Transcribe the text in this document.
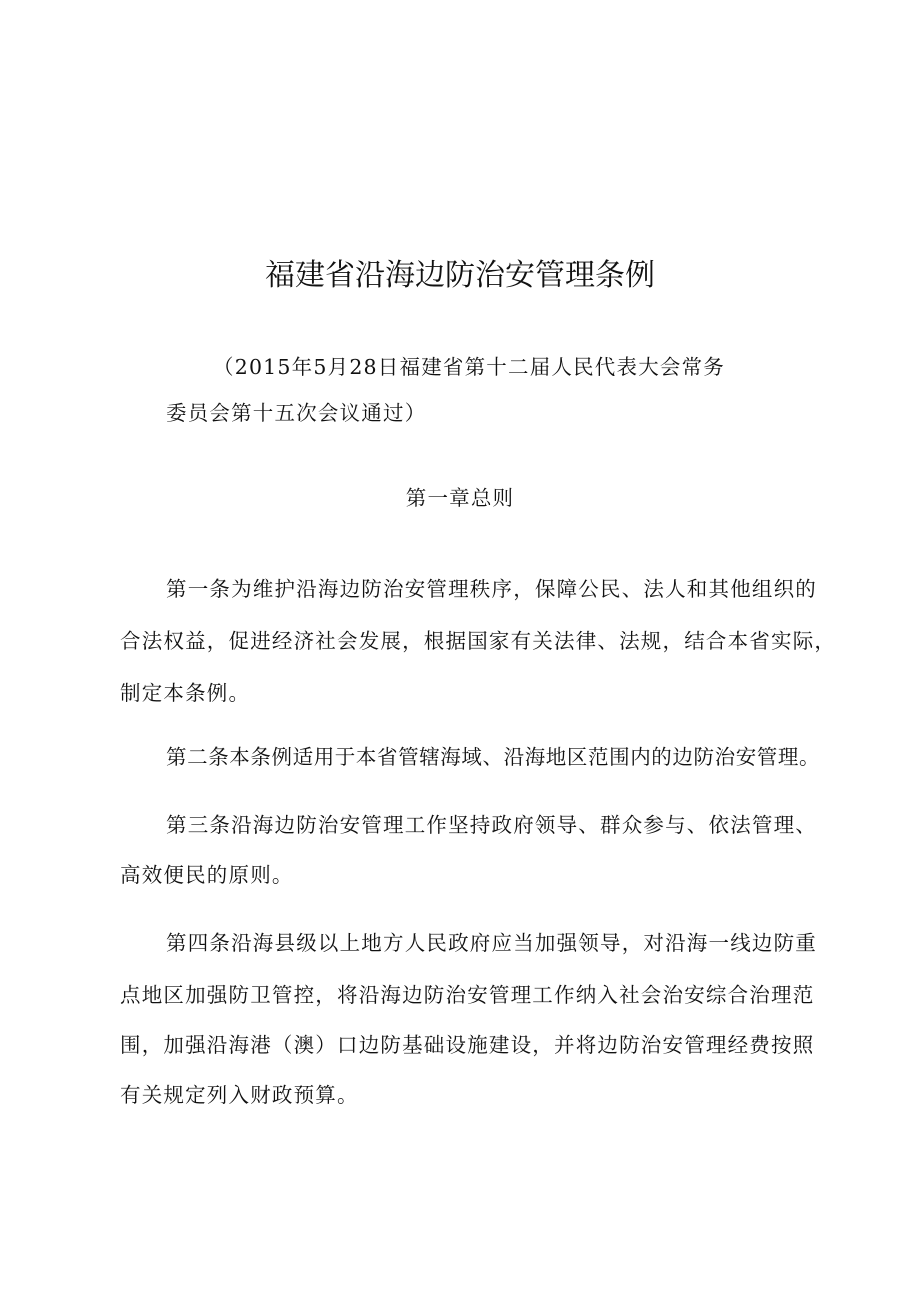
福建省沿海边防治安管理条例
（2015年5月28日福建省第十二届人民代表大会常务
委员会第十五次会议通过）
第一章总则
第一条为维护沿海边防治安管理秩序，保障公民、法人和其他组织的
合法权益，促进经济社会发展，根据国家有关法律、法规，结合本省实际，
制定本条例。
第二条本条例适用于本省管辖海域、沿海地区范围内的边防治安管理。
第三条沿海边防治安管理工作坚持政府领导、群众参与、依法管理、
高效便民的原则。
第四条沿海县级以上地方人民政府应当加强领导，对沿海一线边防重
点地区加强防卫管控，将沿海边防治安管理工作纳入社会治安综合治理范
围，加强沿海港（澳）口边防基础设施建设，并将边防治安管理经费按照
有关规定列入财政预算。
